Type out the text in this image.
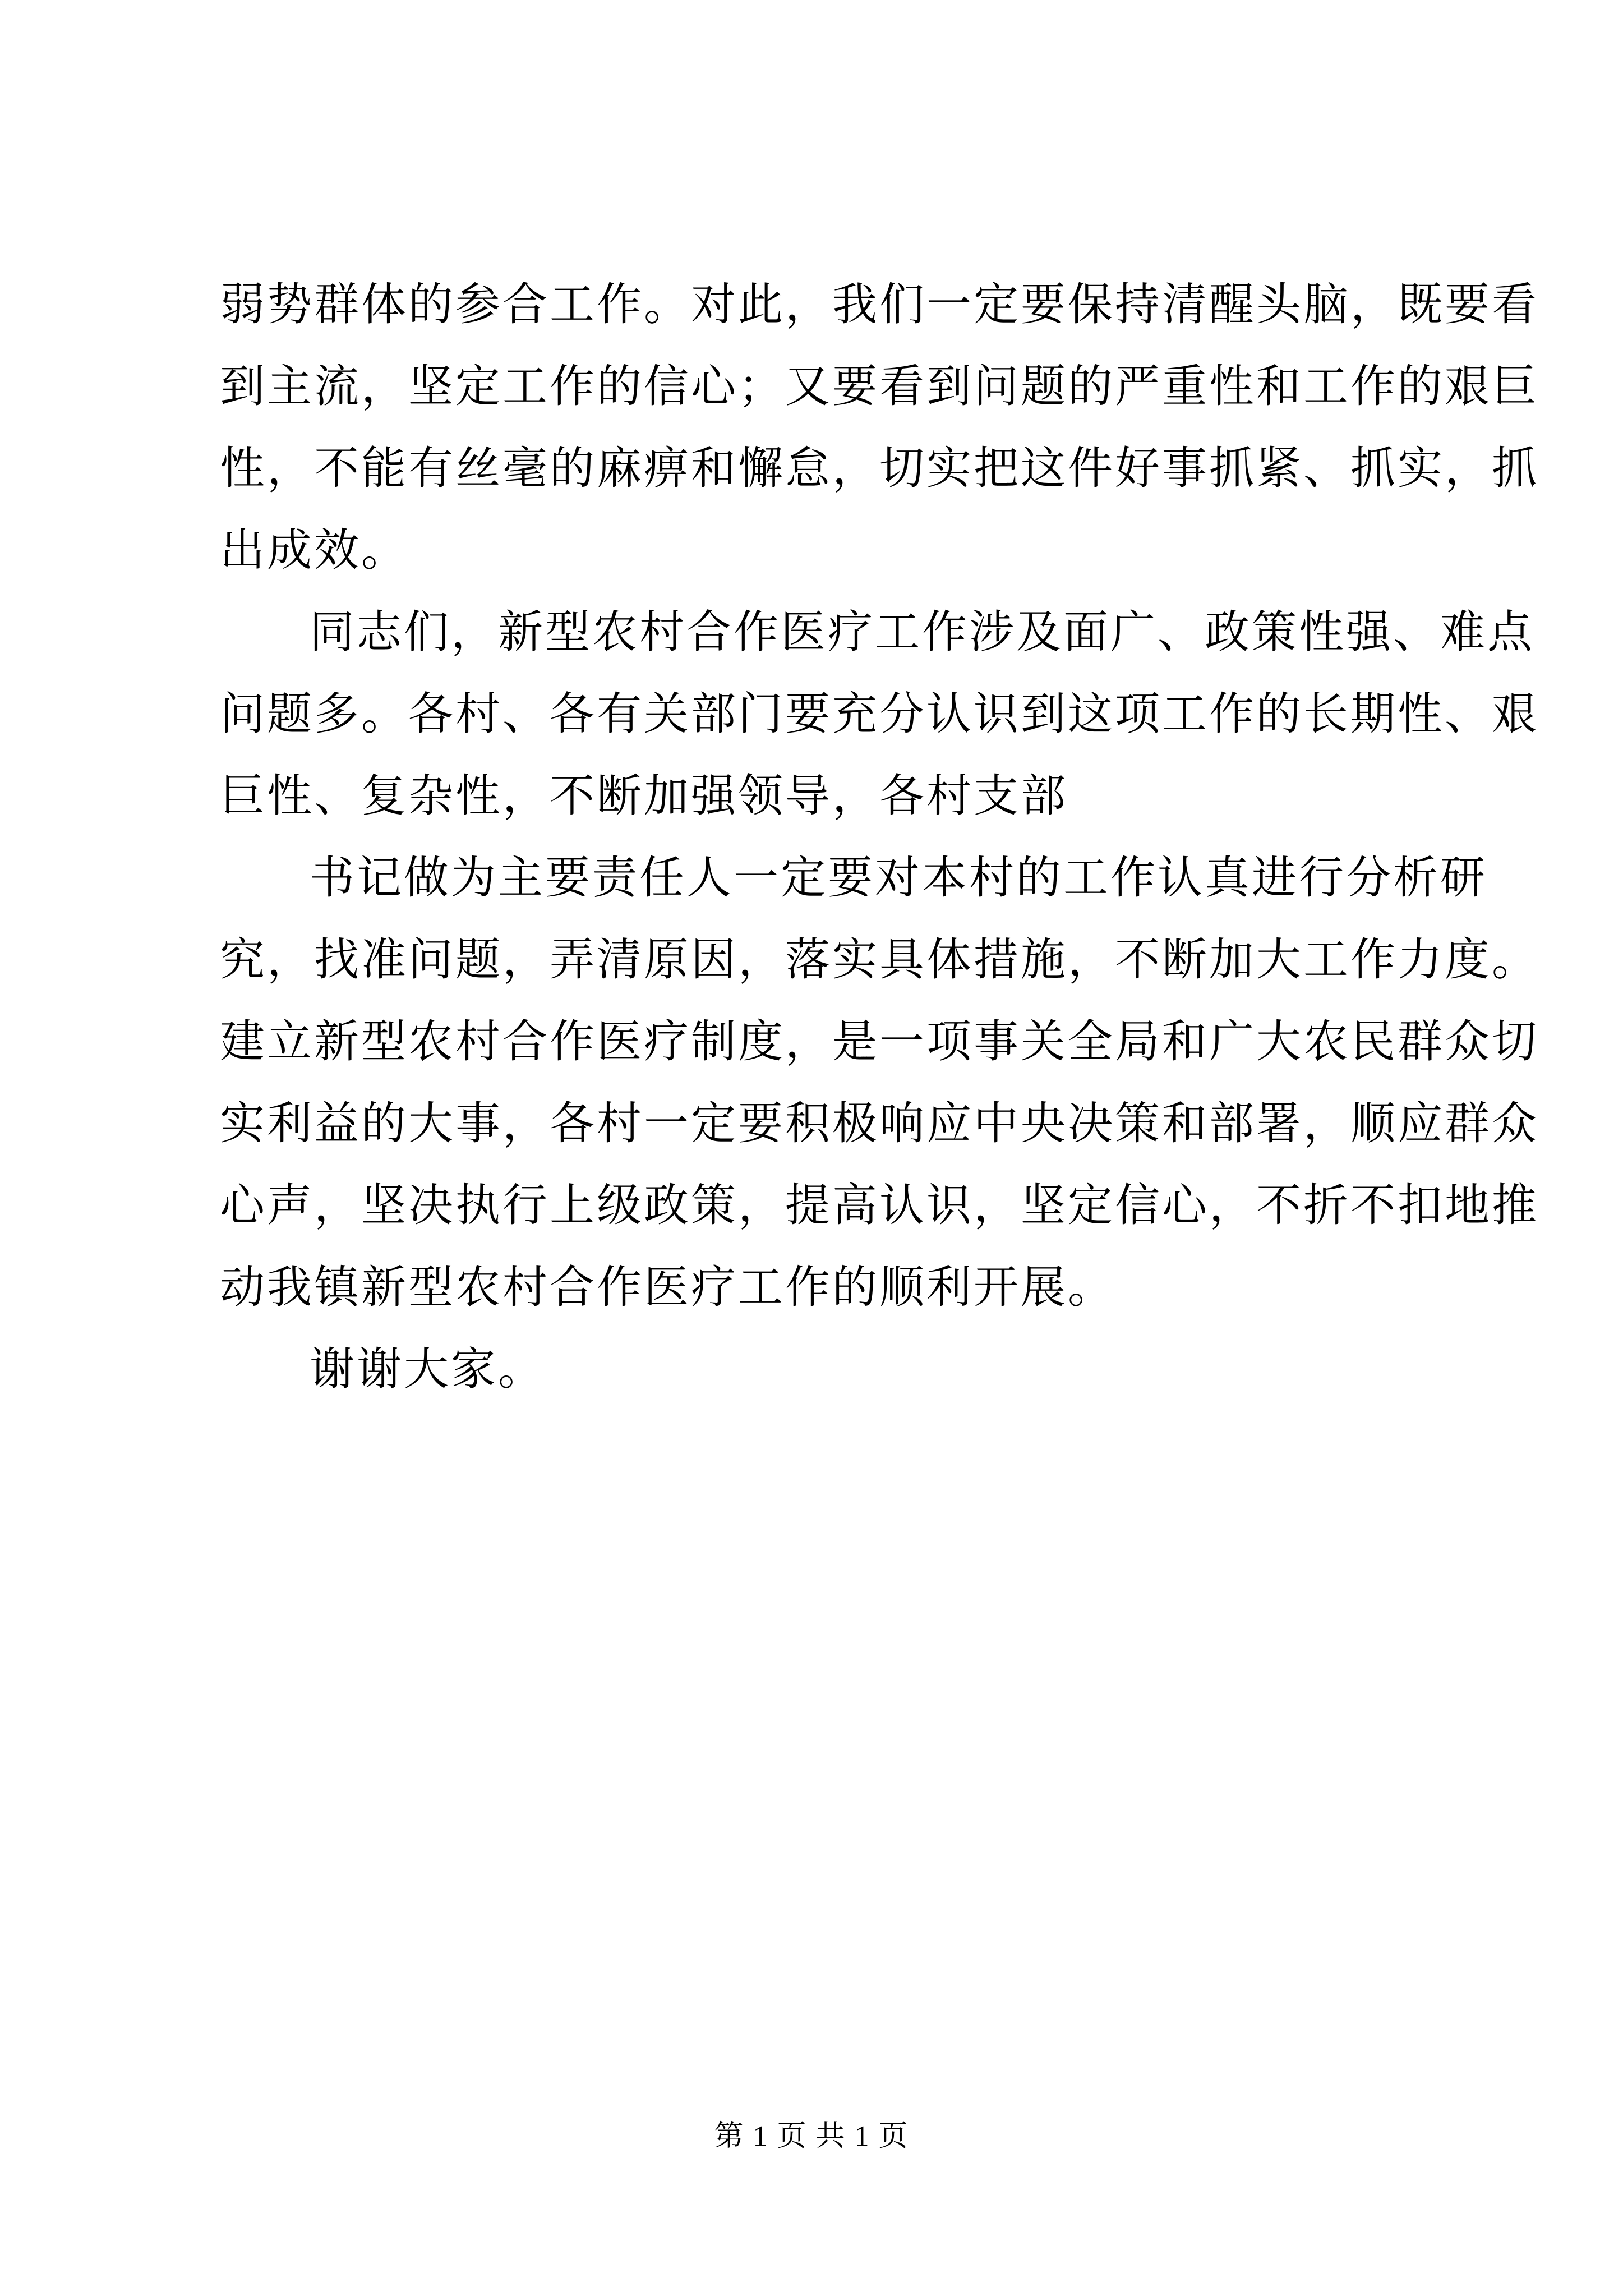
弱势群体的参合工作。对此，我们一定要保持清醒头脑，既要看
到主流，坚定工作的信心；又要看到问题的严重性和工作的艰巨
性，不能有丝毫的麻痹和懈怠，切实把这件好事抓紧、抓实，抓
出成效。
同志们，新型农村合作医疗工作涉及面广、政策性强、难点
问题多。各村、各有关部门要充分认识到这项工作的长期性、艰
巨性、复杂性，不断加强领导，各村支部
书记做为主要责任人一定要对本村的工作认真进行分析研
究，找准问题，弄清原因，落实具体措施，不断加大工作力度。
建立新型农村合作医疗制度，是一项事关全局和广大农民群众切
实利益的大事，各村一定要积极响应中央决策和部署，顺应群众
心声，坚决执行上级政策，提高认识，坚定信心，不折不扣地推
动我镇新型农村合作医疗工作的顺利开展。
谢谢大家。
第 1 页 共 1 页
